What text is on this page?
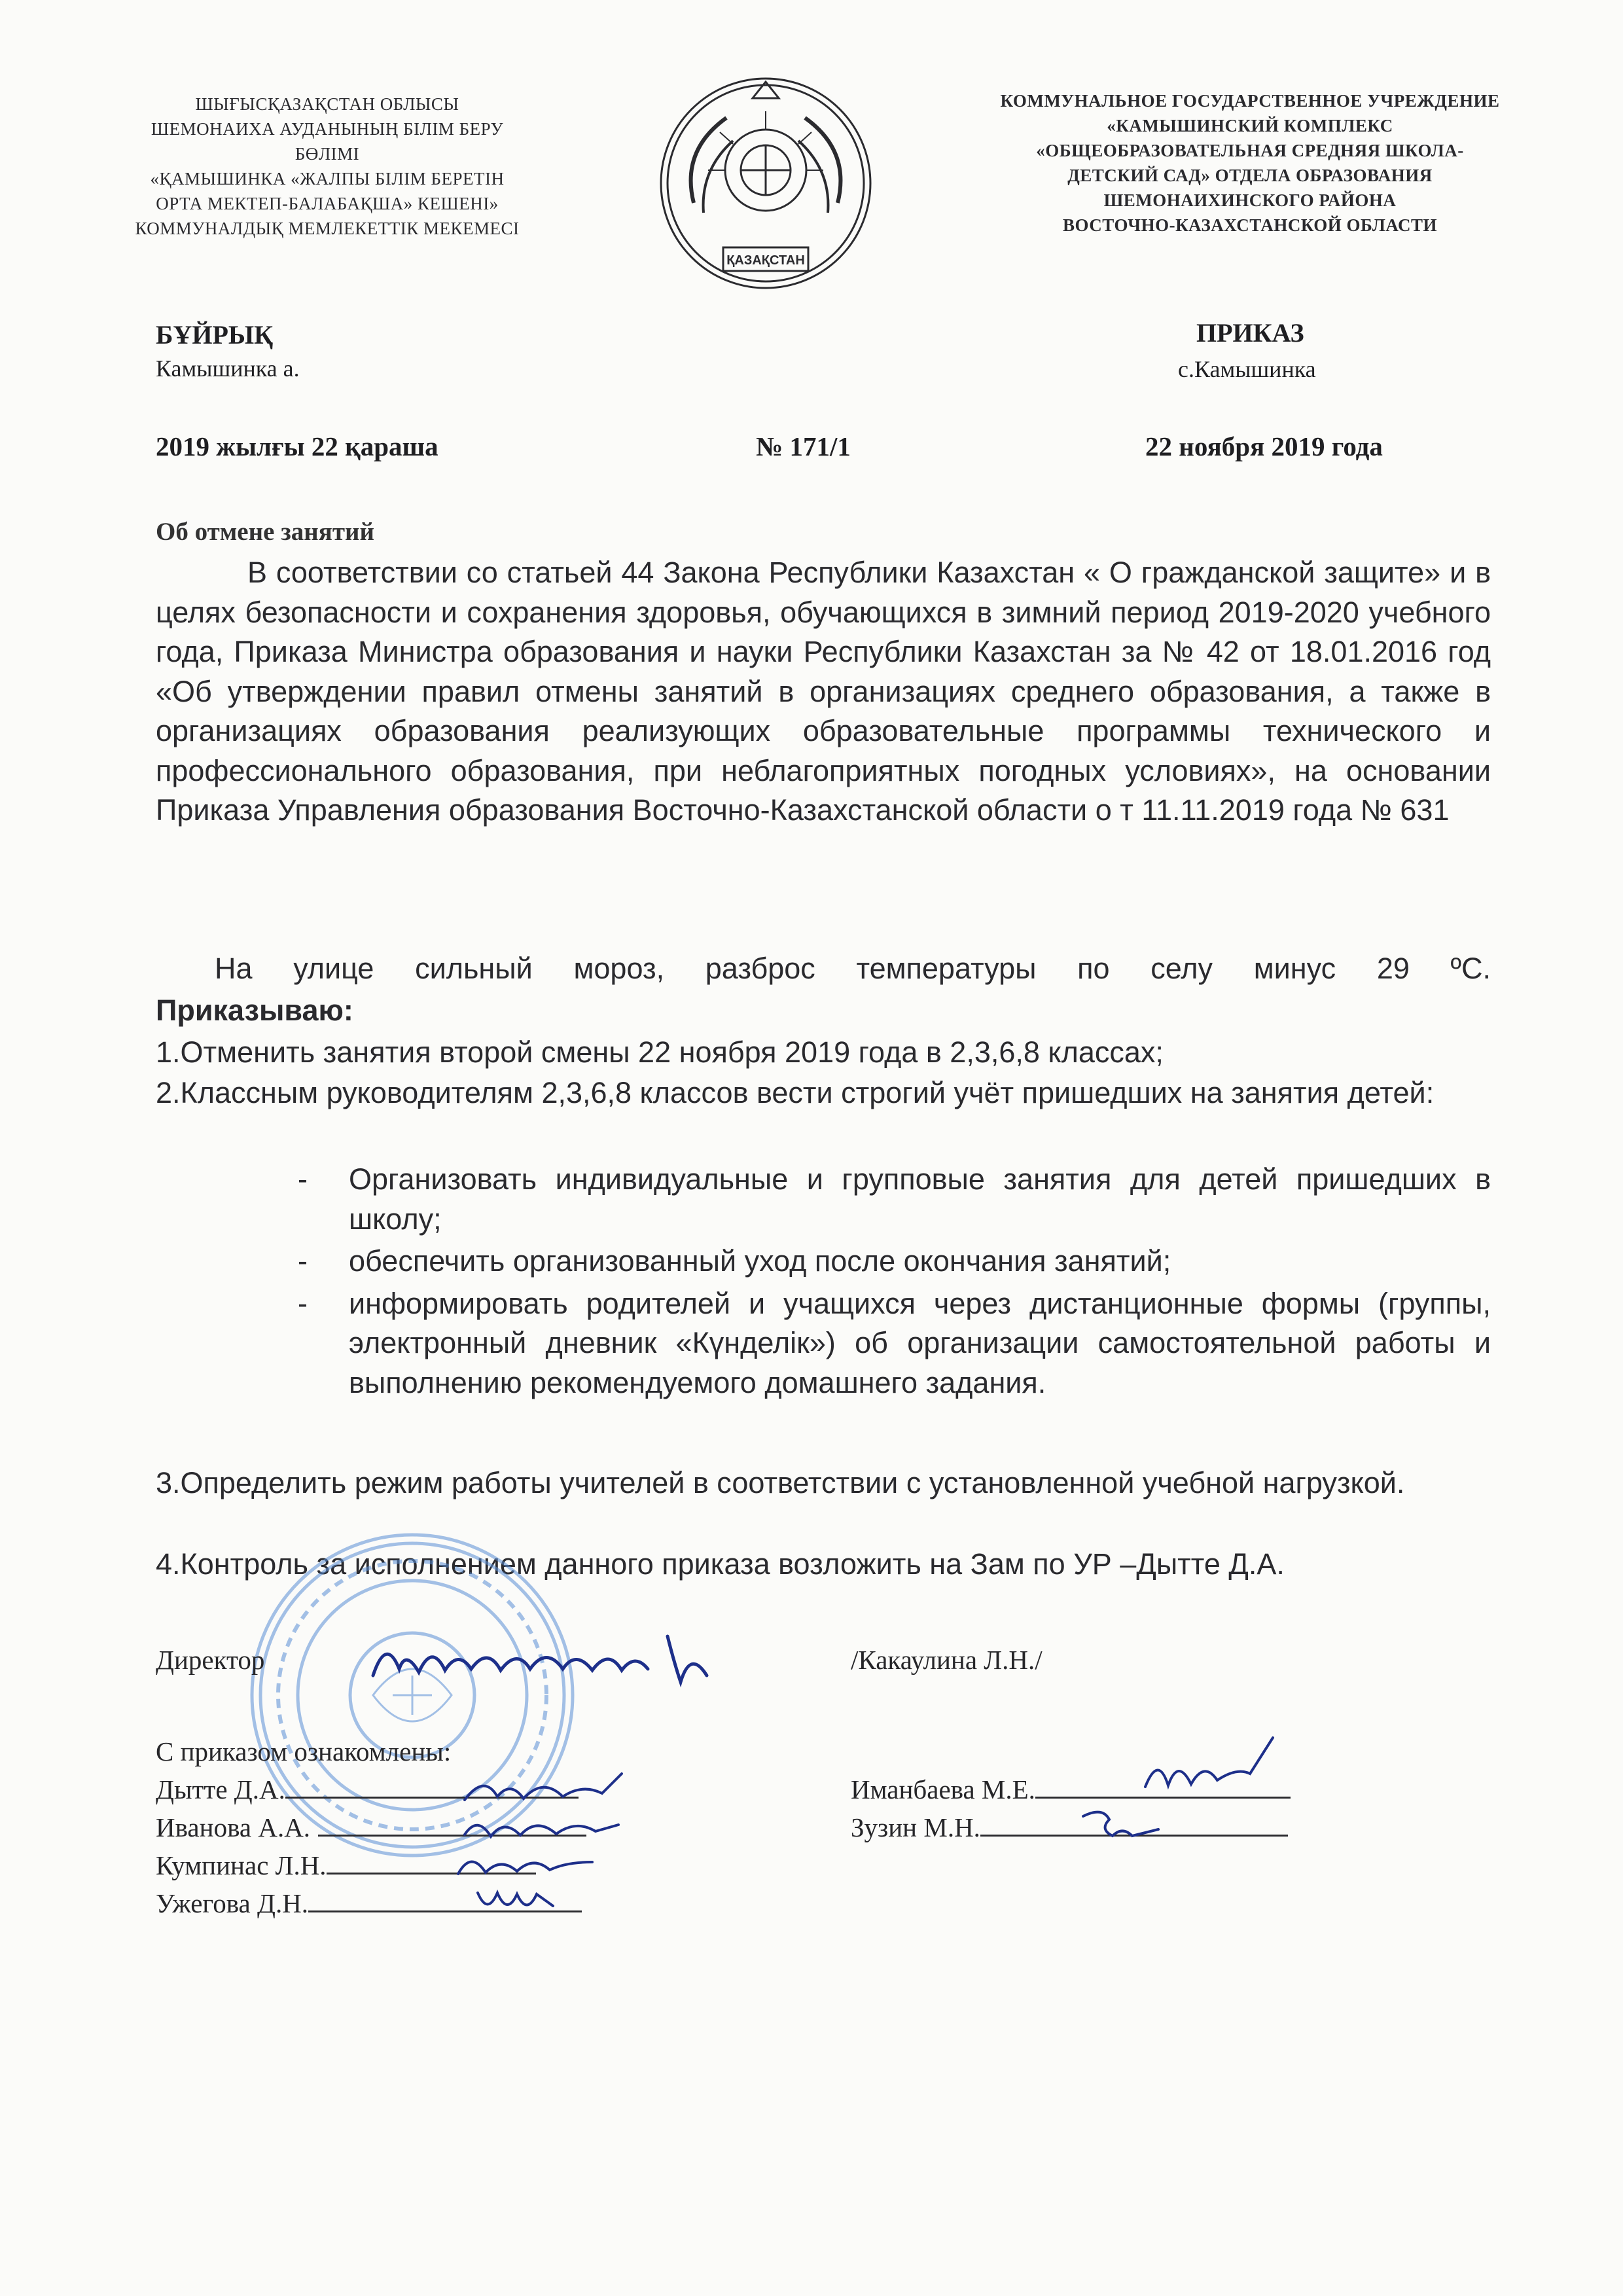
ШЫҒЫСҚАЗАҚСТАН ОБЛЫСЫ
ШЕМОНАИХА АУДАНЫНЫҢ БІЛІМ БЕРУ
БӨЛІМІ
«ҚАМЫШИНКА «ЖАЛПЫ БІЛІМ БЕРЕТІН
ОРТА МЕКТЕП-БАЛАБАҚША» КЕШЕНІ»
КОММУНАЛДЫҚ МЕМЛЕКЕТТІК МЕКЕМЕСІ
ҚАЗАҚСТАН
КОММУНАЛЬНОЕ ГОСУДАРСТВЕННОЕ УЧРЕЖДЕНИЕ
«КАМЫШИНСКИЙ КОМПЛЕКС
«ОБЩЕОБРАЗОВАТЕЛЬНАЯ СРЕДНЯЯ ШКОЛА-
ДЕТСКИЙ САД» ОТДЕЛА ОБРАЗОВАНИЯ
ШЕМОНАИХИНСКОГО РАЙОНА
ВОСТОЧНО-КАЗАХСТАНСКОЙ ОБЛАСТИ
БҰЙРЫҚ
Камышинка а.
ПРИКАЗ
с.Камышинка
2019 жылғы 22 қараша	№ 171/1	22 ноября 2019 года
Об отмене занятий
В соответствии со статьей 44 Закона Республики Казахстан « О гражданской защите» и в целях безопасности и сохранения здоровья, обучающихся в зимний период 2019-2020 учебного года, Приказа Министра образования и науки Республики Казахстан за № 42 от 18.01.2016 год «Об утверждении правил отмены занятий в организациях среднего образования, а также в организациях образования реализующих образовательные программы технического и профессионального образования, при неблагоприятных погодных условиях», на основании Приказа Управления образования Восточно-Казахстанской области о т 11.11.2019 года № 631
На улице сильный мороз, разброс температуры по селу минус 29 ºС.
Приказываю:
1.Отменить занятия второй смены 22 ноября 2019 года в 2,3,6,8 классах;
2.Классным руководителям 2,3,6,8 классов вести строгий учёт пришедших на занятия детей:
- Организовать индивидуальные и групповые занятия для детей пришедших в школу;
- обеспечить организованный уход после окончания занятий;
- информировать родителей и учащихся через дистанционные формы (группы, электронный дневник «Күнделік») об организации самостоятельной работы и выполнению рекомендуемого домашнего задания.
3.Определить режим работы учителей в соответствии с установленной учебной нагрузкой.
4.Контроль за исполнением данного приказа возложить на Зам по УР –Дытте Д.А.
Директор	/Какаулина Л.Н./
С приказом ознакомлены:
Дытте Д.А.
Иванова А.А.
Кумпинас Л.Н.
Ужегова Д.Н.
Иманбаева М.Е.
Зузин М.Н.
